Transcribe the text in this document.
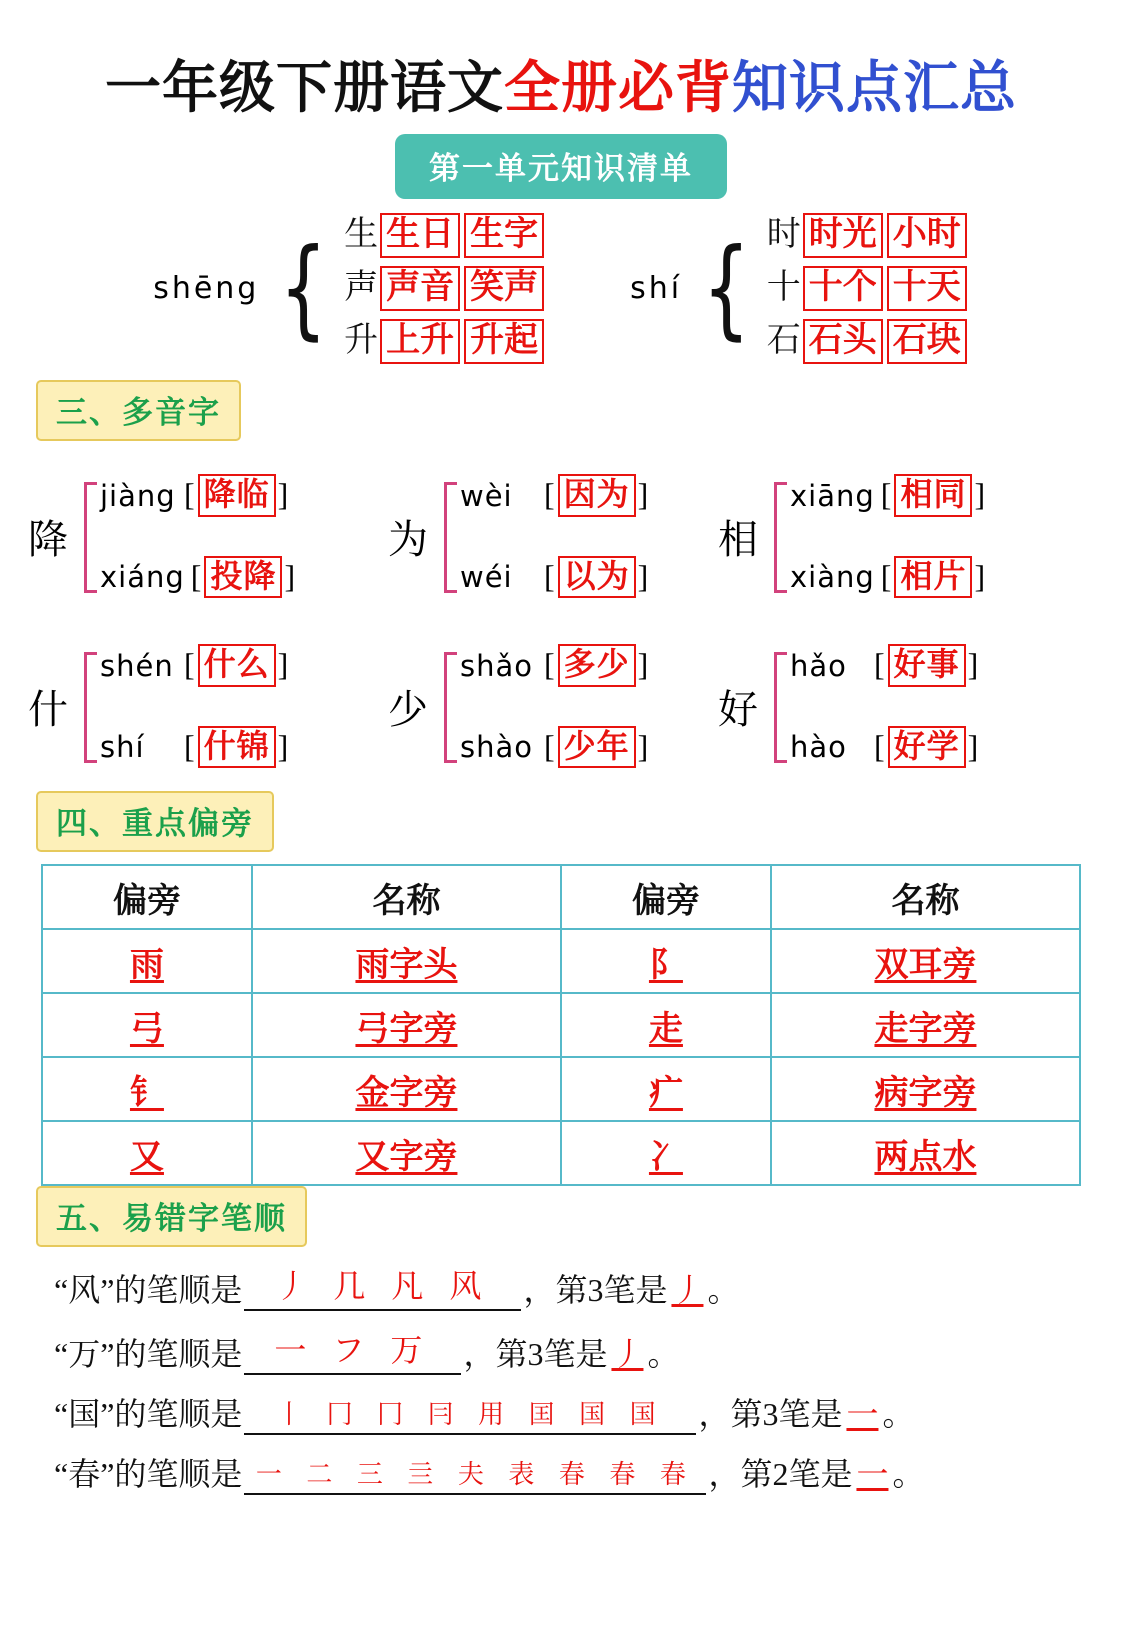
一年级下册语文全册必背知识点汇总
第一单元知识清单
shēng { 生 生日 生字
声 声音 笑声
升 上升 升起
shí { 时 时光 小时
十 十个 十天
石 石头 石块
三、多音字
降
jiàng [ 降临 ]
xiáng [ 投降 ]
为
wèi [ 因为 ]
wéi [ 以为 ]
相
xiāng [ 相同 ]
xiàng [ 相片 ]
什
shén [ 什么 ]
shí	[ 什锦 ]
少
shǎo [ 多少 ]
shào [ 少年 ]
好
hǎo [ 好事 ]
hào [ 好学 ]
四、重点偏旁
偏旁	名称	偏旁	名称
雨	雨字头	阝	双耳旁
弓	弓字旁	走	走字旁
钅	金字旁	疒	病字旁
又	又字旁	冫	两点水
五、易错字笔顺
“风” 的笔顺是	丿 几 凡 风	，第3笔是 丿 。
“万” 的笔顺是 一 フ 万	，第3笔是 丿 。
“国” 的笔顺是	丨 冂 冂 冃 用 囯 国 国	，第3笔是 一 。
“春” 的笔顺是 一 二 三 亖 夫 表 春 春 春 ，第2笔是 一 。
